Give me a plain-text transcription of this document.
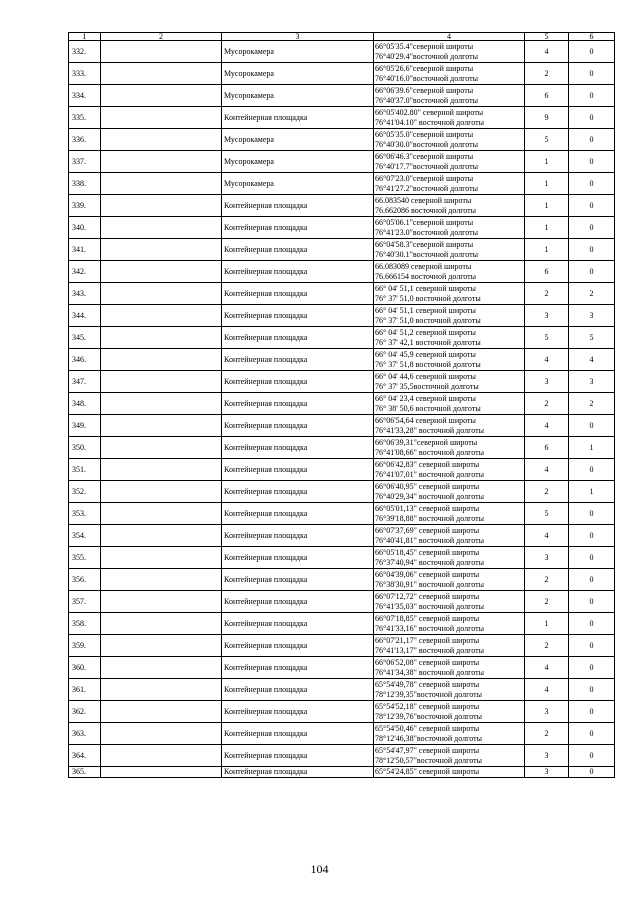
1	2	3	4	5	6
332.		Мусорокамера	66°05'35.4"северной широты
76°40'29.4"восточной долготы	4	0
333.		Мусорокамера	66°05'26.6"северной широты
76°40'16.0"восточной долготы	2	0
334.		Мусорокамера	66°06'39.6"северной широты
76°40'37.0"восточной долготы	6	0
335.		Контейнерная площадка	66°05'402.80" северной широты
76°41'04.10" восточной долготы	9	0
336.		Мусорокамера	66°05'35.0"северной широты
76°40'30.0"восточной долготы	5	0
337.		Мусорокамера	66°06'46.3"северной широты
76°40'17.7"восточной долготы	1	0
338.		Мусорокамера	66°07'23.0"северной широты
76°41'27.2"восточной долготы	1	0
339.		Контейнерная площадка	66.083540 северной широты
76.662086 восточной долготы	1	0
340.		Контейнерная площадка	66°05'06.1"северной широты
76°41'23.0"восточной долготы	1	0
341.		Контейнерная площадка	66°04'58.3"северной широты
76°40'30.1"восточной долготы	1	0
342.		Контейнерная площадка	66.083089 северной широты
76.666154 восточной долготы	6	0
343.		Контейнерная площадка	66° 04' 51,1 северной широты
76° 37' 51,0 восточной долготы	2	2
344.		Контейнерная площадка	66° 04' 51,1 северной широты
76° 37' 51,0 восточной долготы	3	3
345.		Контейнерная площадка	66° 04' 51,2 северной широты
76° 37' 42,1 восточной долготы	5	5
346.		Контейнерная площадка	66° 04' 45,9 северной широты
76° 37' 51,8 восточной долготы	4	4
347.		Контейнерная площадка	66° 04' 44,6 северной широты
76° 37' 35,5восточной долготы	3	3
348.		Контейнерная площадка	66° 04' 23,4 северной широты
76° 38' 50,6 восточной долготы	2	2
349.		Контейнерная площадка	66°06'54,64 северной широты
76°41'33,28" восточной долготы	4	0
350.		Контейнерная площадка	66°06'39,31"северной широты
76°41'08,66" восточной долготы	6	1
351.		Контейнерная площадка	66°06'42,83" северной широты
76°41'07,01" восточной долготы	4	0
352.		Контейнерная площадка	66°06'40,95" северной широты
76°40'29,34" восточной долготы	2	1
353.		Контейнерная площадка	66°05'01,13" северной широты
76°39'18,88" восточной долготы	5	0
354.		Контейнерная площадка	66°07'37,69" северной широты
76°40'41,81" восточной долготы	4	0
355.		Контейнерная площадка	66°05'18,45" северной широты
76°37'40,94" восточной долготы	3	0
356.		Контейнерная площадка	66°04'39,06" северной широты
76°38'30,91" восточной долготы	2	0
357.		Контейнерная площадка	66°07'12,72" северной широты
76°41'35,03" восточной долготы	2	0
358.		Контейнерная площадка	66°07'18,85" северной широты
76°41'33,16" восточной долготы	1	0
359.		Контейнерная площадка	66°07'21,17" северной широты
76°41'13,17" восточной долготы	2	0
360.		Контейнерная площадка	66°06'52,08" северной широты
76°41'34,38" восточной долготы	4	0
361.		Контейнерная площадка	65°54'49,78" северной широты
78°12'39,35"восточной долготы	4	0
362.		Контейнерная площадка	65°54'52,18" северной широты
78°12'39,76"восточной долготы	3	0
363.		Контейнерная площадка	65°54'50,46" северной широты
78°12'46,38"восточной долготы	2	0
364.		Контейнерная площадка	65°54'47,97" северной широты
78°12'50,57"восточной долготы	3	0
365.		Контейнерная площадка	65°54'24,85" северной широты	3	0
104
